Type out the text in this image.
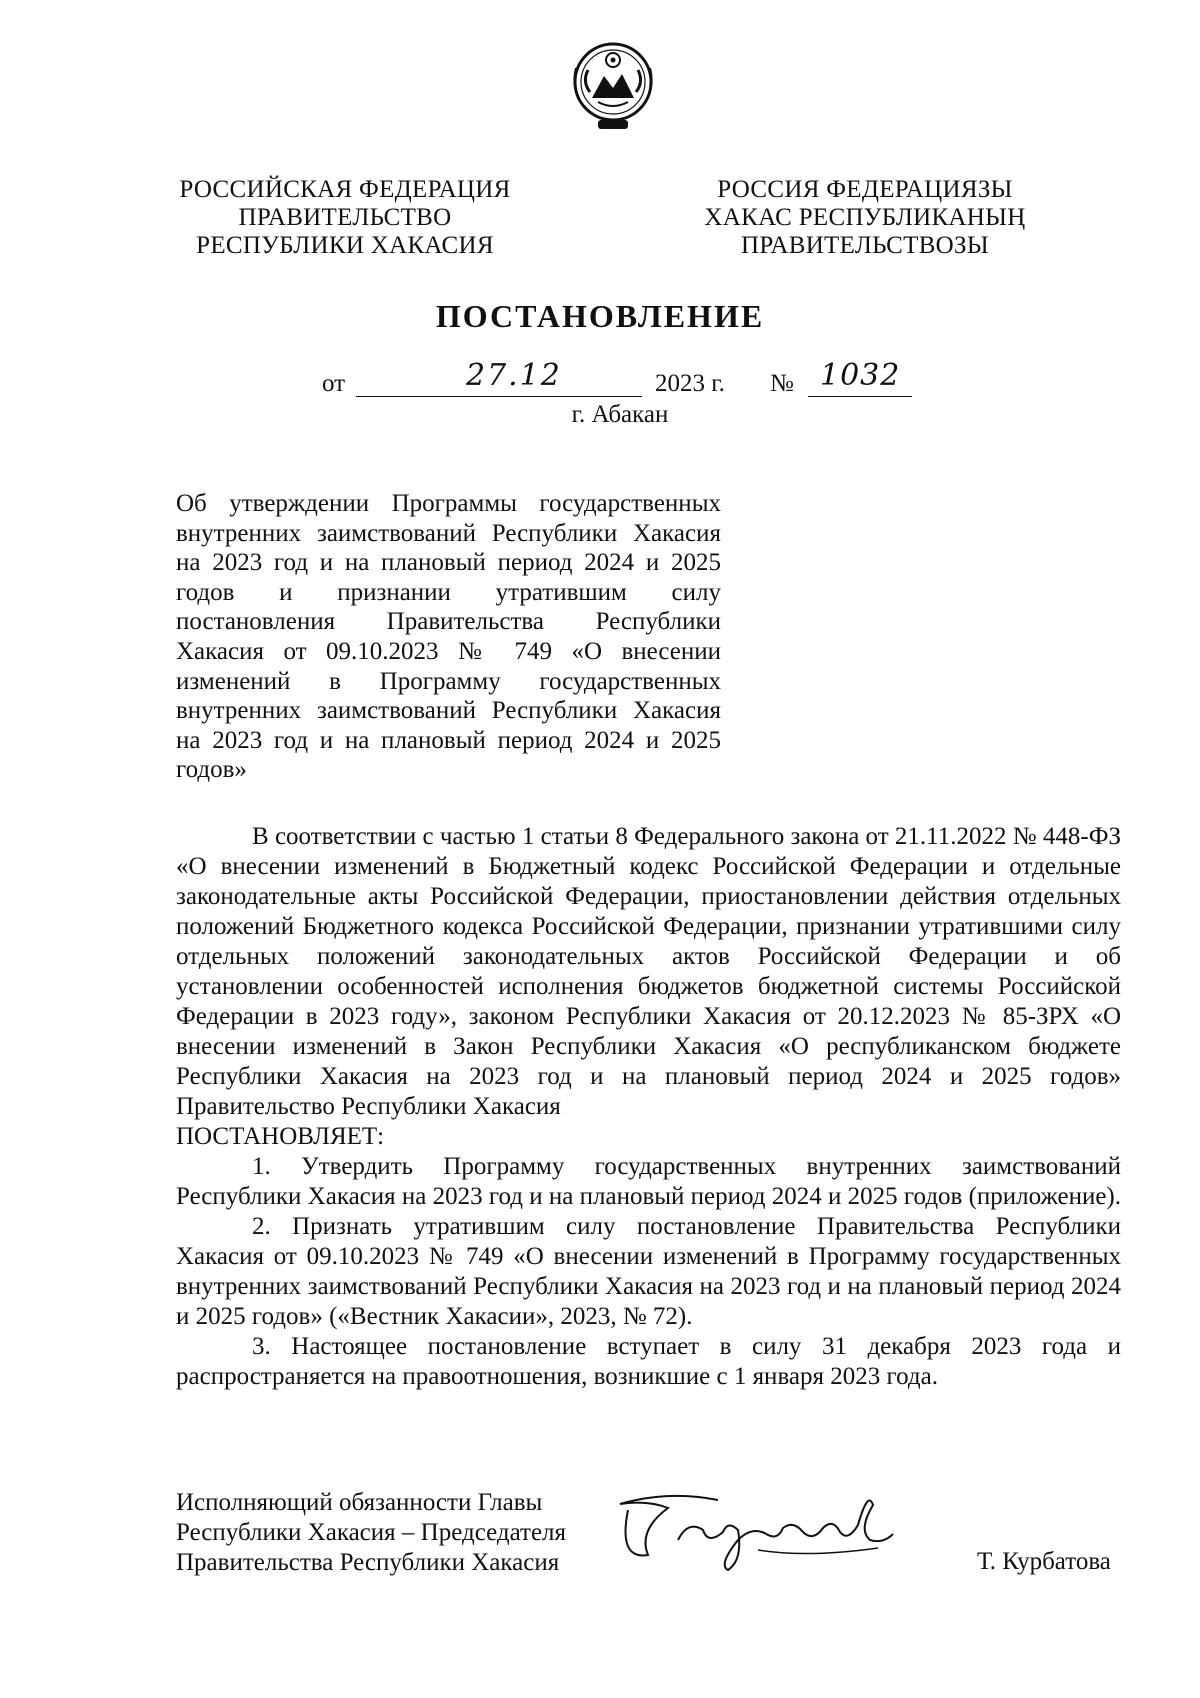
РОССИЙСКАЯ ФЕДЕРАЦИЯ
ПРАВИТЕЛЬСТВО
РЕСПУБЛИКИ ХАКАСИЯ
РОССИЯ ФЕДЕРАЦИЯЗЫ
ХАКАС РЕСПУБЛИКАНЫҢ
ПРАВИТЕЛЬСТВОЗЫ
ПОСТАНОВЛЕНИЕ
от	27.12	2023 г. № 1032
г. Абакан

Об утверждении Программы государственных внутренних заимствований Республики Хакасия на 2023 год и на плановый период 2024 и 2025 годов и признании утратившим силу постановления Правительства Республики Хакасия от 09.10.2023 № 749 «О внесении изменений в Программу государственных внутренних заимствований Республики Хакасия на 2023 год и на плановый период 2024 и 2025 годов»

В соответствии с частью 1 статьи 8 Федерального закона от 21.11.2022 № 448-ФЗ «О внесении изменений в Бюджетный кодекс Российской Федерации и отдельные законодательные акты Российской Федерации, приостановлении действия отдельных положений Бюджетного кодекса Российской Федерации, признании утратившими силу отдельных положений законодательных актов Российской Федерации и об установлении особенностей исполнения бюджетов бюджетной системы Российской Федерации в 2023 году», законом Республики Хакасия от 20.12.2023 № 85-ЗРХ «О внесении изменений в Закон Республики Хакасия «О республиканском бюджете Республики Хакасия на 2023 год и на плановый период 2024 и 2025 годов» Правительство Республики Хакасия

ПОСТАНОВЛЯЕТ:

1. Утвердить Программу государственных внутренних заимствований Республики Хакасия на 2023 год и на плановый период 2024 и 2025 годов (приложение).

2. Признать утратившим силу постановление Правительства Республики Хакасия от 09.10.2023 № 749 «О внесении изменений в Программу государственных внутренних заимствований Республики Хакасия на 2023 год и на плановый период 2024 и 2025 годов» («Вестник Хакасии», 2023, № 72).

3. Настоящее постановление вступает в силу 31 декабря 2023 года и распространяется на правоотношения, возникшие с 1 января 2023 года.

Исполняющий обязанности Главы
Республики Хакасия – Председателя
Правительства Республики Хакасия	Т. Курбатова
